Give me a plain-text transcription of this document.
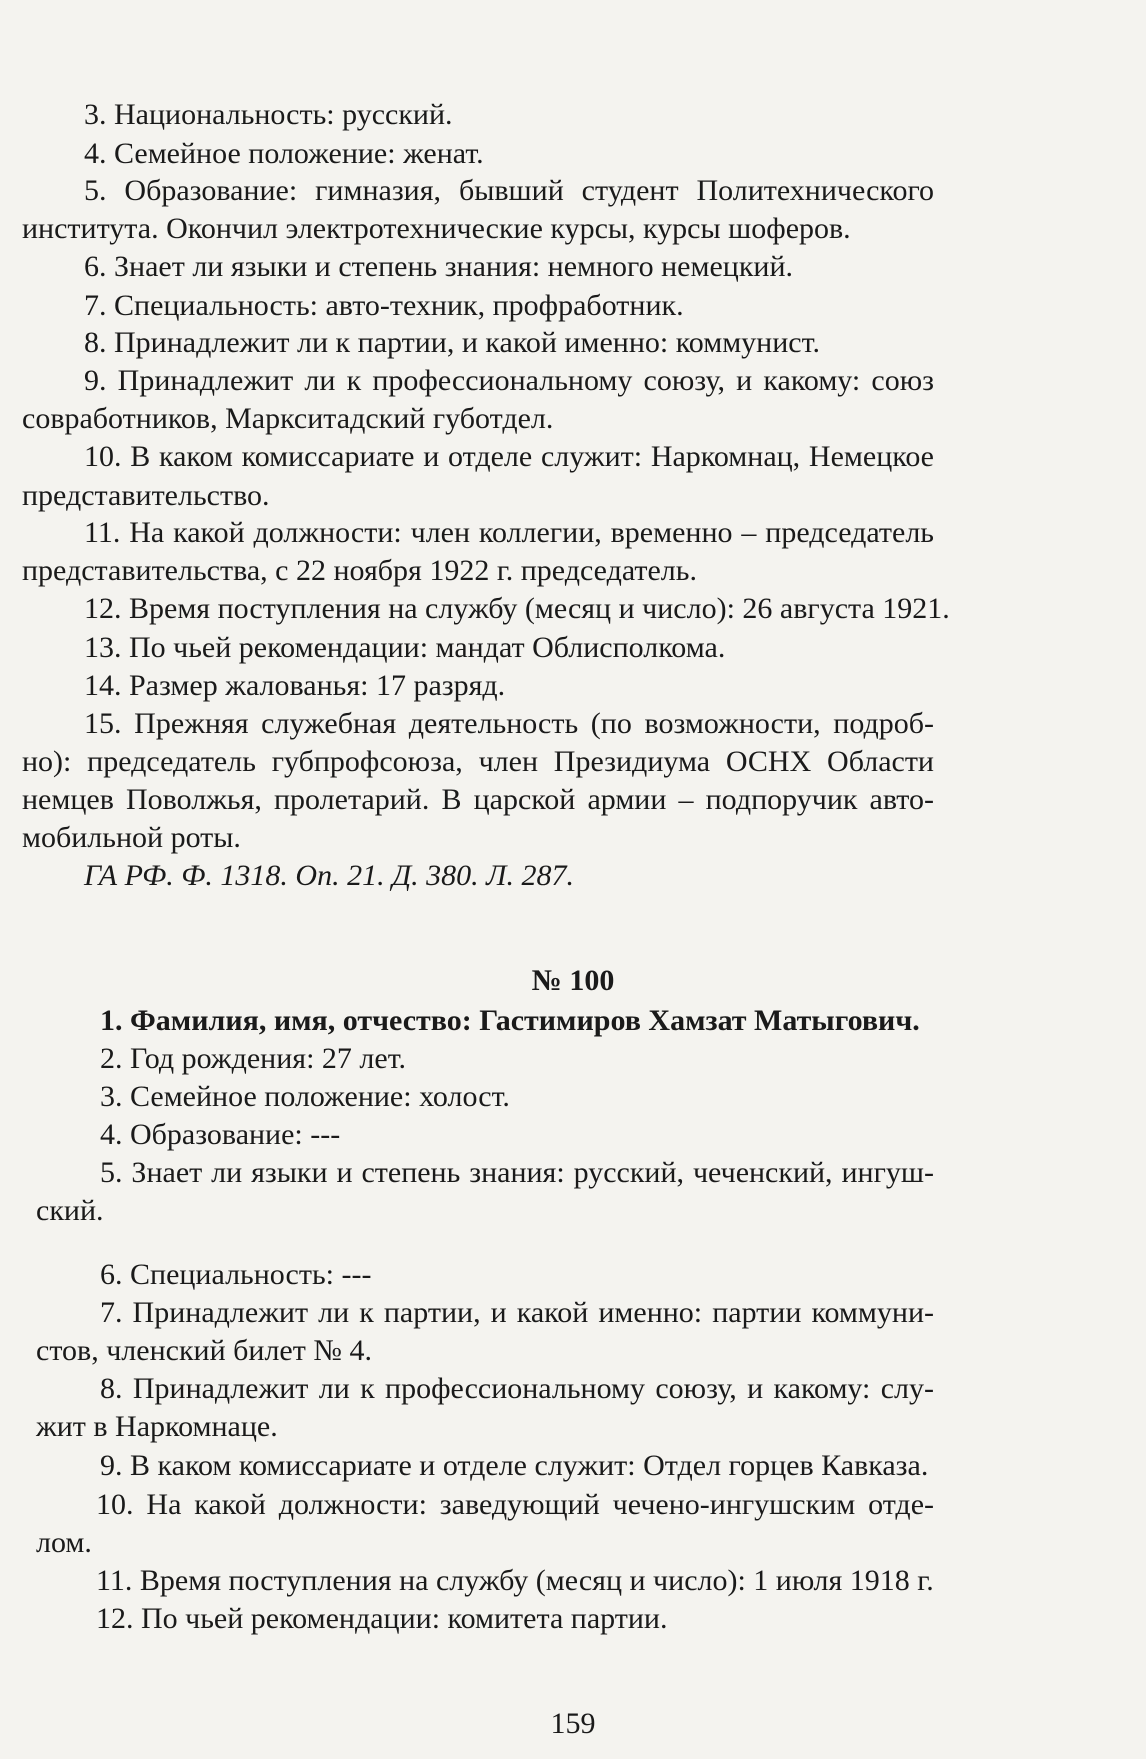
3. Национальность: русский.

4. Семейное положение: женат.

5. Образование: гимназия, бывший студент Политехнического

института. Окончил электротехнические курсы, курсы шоферов.

6. Знает ли языки и степень знания: немного немецкий.

7. Специальность: авто-техник, профработник.

8. Принадлежит ли к партии, и какой именно: коммунист.

9. Принадлежит ли к профессиональному союзу, и какому: союз

совработников, Маркситадский губотдел.

10. В каком комиссариате и отделе служит: Наркомнац, Немецкое

представительство.

11. На какой должности: член коллегии, временно – председатель

представительства, с 22 ноября 1922 г. председатель.

12. Время поступления на службу (месяц и число): 26 августа 1921.

13. По чьей рекомендации: мандат Облисполкома.

14. Размер жалованья: 17 разряд.

15. Прежняя служебная деятельность (по возможности, подроб-

но): председатель губпрофсоюза, член Президиума ОСНХ Области

немцев Поволжья, пролетарий. В царской армии – подпоручик авто-

мобильной роты.

ГА РФ. Ф. 1318. Оп. 21. Д. 380. Л. 287.

№ 100

1. Фамилия, имя, отчество: Гастимиров Хамзат Матыгович.

2. Год рождения: 27 лет.

3. Семейное положение: холост.

4. Образование: ---

5. Знает ли языки и степень знания: русский, чеченский, ингуш-

ский.

6. Специальность: ---

7. Принадлежит ли к партии, и какой именно: партии коммуни-

стов, членский билет № 4.

8. Принадлежит ли к профессиональному союзу, и какому: слу-

жит в Наркомнаце.

9. В каком комиссариате и отделе служит: Отдел горцев Кавказа.

10. На какой должности: заведующий чечено-ингушским отде-

лом.

11. Время поступления на службу (месяц и число): 1 июля 1918 г.

12. По чьей рекомендации: комитета партии.

159
